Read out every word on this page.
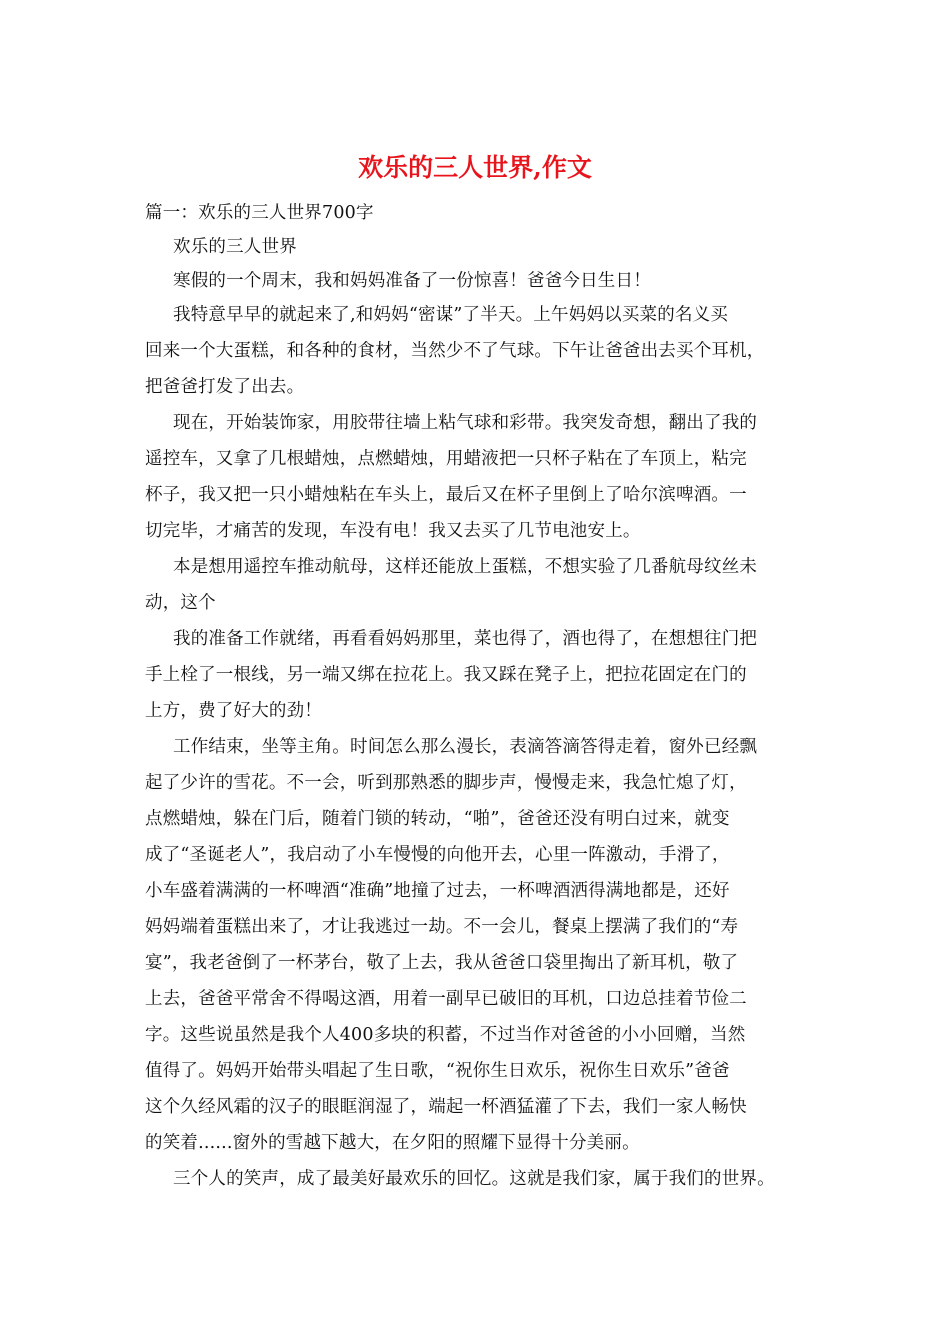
欢乐的三人世界,作文
篇一：欢乐的三人世界700字
欢乐的三人世界
寒假的一个周末，我和妈妈准备了一份惊喜！爸爸今日生日！
我特意早早的就起来了,和妈妈“密谋”了半天。上午妈妈以买菜的名义买
回来一个大蛋糕，和各种的食材，当然少不了气球。下午让爸爸出去买个耳机，
把爸爸打发了出去。
现在，开始装饰家，用胶带往墙上粘气球和彩带。我突发奇想，翻出了我的
遥控车，又拿了几根蜡烛，点燃蜡烛，用蜡液把一只杯子粘在了车顶上，粘完
杯子，我又把一只小蜡烛粘在车头上，最后又在杯子里倒上了哈尔滨啤酒。一
切完毕，才痛苦的发现，车没有电！我又去买了几节电池安上。
本是想用遥控车推动航母，这样还能放上蛋糕，不想实验了几番航母纹丝未
动，这个
我的准备工作就绪，再看看妈妈那里，菜也得了，酒也得了，在想想往门把
手上栓了一根线，另一端又绑在拉花上。我又踩在凳子上，把拉花固定在门的
上方，费了好大的劲！
工作结束，坐等主角。时间怎么那么漫长，表滴答滴答得走着，窗外已经飘
起了少许的雪花。不一会，听到那熟悉的脚步声，慢慢走来，我急忙熄了灯，
点燃蜡烛，躲在门后，随着门锁的转动，“啪”，爸爸还没有明白过来，就变
成了“圣诞老人”，我启动了小车慢慢的向他开去，心里一阵激动，手滑了，
小车盛着满满的一杯啤酒“准确”地撞了过去，一杯啤酒洒得满地都是，还好
妈妈端着蛋糕出来了，才让我逃过一劫。不一会儿，餐桌上摆满了我们的“寿
宴”，我老爸倒了一杯茅台，敬了上去，我从爸爸口袋里掏出了新耳机，敬了
上去，爸爸平常舍不得喝这酒，用着一副早已破旧的耳机，口边总挂着节俭二
字。这些说虽然是我个人400多块的积蓄，不过当作对爸爸的小小回赠，当然
值得了。妈妈开始带头唱起了生日歌，“祝你生日欢乐，祝你生日欢乐”爸爸
这个久经风霜的汉子的眼眶润湿了，端起一杯酒猛灌了下去，我们一家人畅快
的笑着......窗外的雪越下越大，在夕阳的照耀下显得十分美丽。
三个人的笑声，成了最美好最欢乐的回忆。这就是我们家，属于我们的世界。
